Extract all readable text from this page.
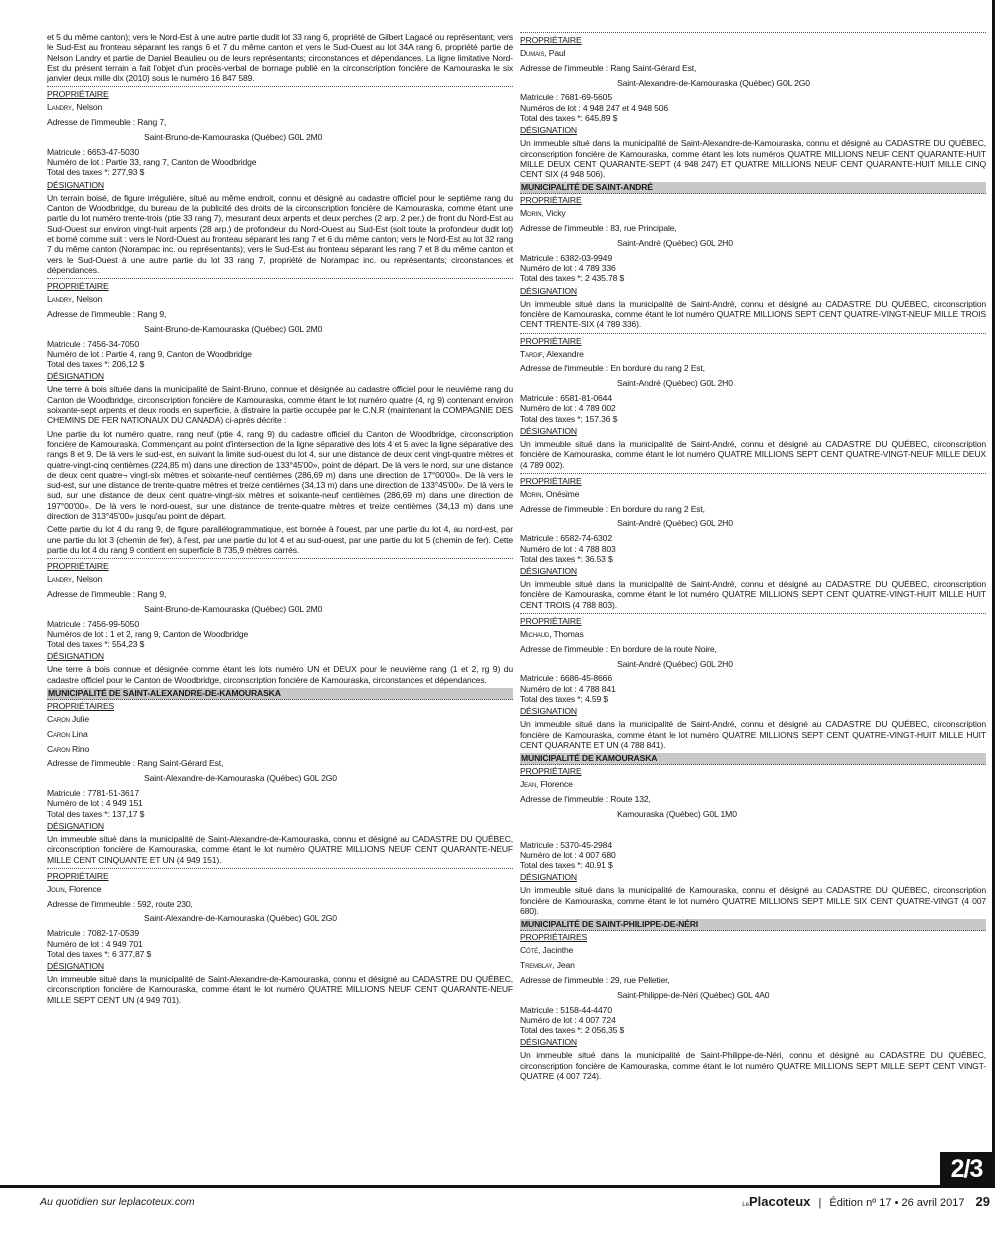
et 5 du même canton); vers le Nord-Est à une autre partie dudit lot 33 rang 6, propriété de Gilbert Lagacé ou représentant; vers le Sud-Est au fronteau séparant les rangs 6 et 7 du même canton et vers le Sud-Ouest au lot 34A rang 6, propriété partie de Nelson Landry et partie de Daniel Beaulieu ou de leurs représentants; circonstances et dépendances. La ligne limitative Nord-Est du présent terrain a fait l'objet d'un procès-verbal de bornage publié en la circonscription foncière de Kamouraska le six janvier deux mille dix (2010) sous le numéro 16 847 589.
PROPRIÉTAIRE
Landry, Nelson
Adresse de l'immeuble : Rang 7,
Saint-Bruno-de-Kamouraska (Québec) G0L 2M0
Matricule : 6653-47-5030
Numéro de lot : Partie 33, rang 7, Canton de Woodbridge
Total des taxes *: 277,93 $
DÉSIGNATION
Un terrain boisé, de figure irrégulière, situé au même endroit, connu et désigné au cadastre officiel pour le septième rang du Canton de Woodbridge, du bureau de la publicité des droits de la circonscription foncière de Kamouraska, comme étant une partie du lot numéro trente-trois (ptie 33 rang 7), mesurant deux arpents et deux perches (2 arp. 2 per.) de front du Nord-Est au Sud-Ouest sur environ vingt-huit arpents (28 arp.) de profondeur du Nord-Ouest au Sud-Est (soit toute la profondeur dudit lot) et borné comme suit : vers le Nord-Ouest au fronteau séparant les rang 7 et 6 du même canton; vers le Nord-Est au lot 32 rang 7 du même canton (Norampac inc. ou représentants); vers le Sud-Est au fronteau séparant les rang 7 et 8 du même canton et vers le Sud-Ouest à une autre partie du lot 33 rang 7, propriété de Norampac inc. ou représentants; circonstances et dépendances.
PROPRIÉTAIRE
Landry, Nelson
Adresse de l'immeuble : Rang 9,
Saint-Bruno-de-Kamouraska (Québec) G0L 2M0
Matricule : 7456-34-7050
Numéro de lot : Partie 4, rang 9, Canton de Woodbridge
Total des taxes *: 206,12 $
DÉSIGNATION
Une terre à bois située dans la municipalité de Saint-Bruno, connue et désignée au cadastre officiel pour le neuvième rang du Canton de Woodbridge, circonscription foncière de Kamouraska, comme étant le lot numéro quatre (4, rg 9) contenant environ soixante-sept arpents et deux roods en superficie, à distraire la partie occupée par le C.N.R (maintenant la COMPAGNIE DES CHEMINS DE FER NATIONAUX DU CANADA) ci-après décrite :
Une partie du lot numéro quatre, rang neuf (ptie 4, rang 9) du cadastre officiel du Canton de Woodbridge, circonscription foncière de Kamouraska. Commençant au point d'intersection de la ligne séparative des lots 4 et 5 avec la ligne séparative des rangs 8 et 9. De là vers le sud-est, en suivant la limite sud-ouest du lot 4, sur une distance de deux cent vingt-quatre mètres et quatre-vingt-cinq centièmes (224,85 m) dans une direction de 133°45'00», point de départ. De là vers le nord, sur une distance de deux cent quatre¬ vingt-six mètres et soixante-neuf centièmes (286,69 m) dans une direction de 17°00'00». De là vers le sud-est, sur une distance de trente-quatre mètres et treize centièmes (34,13 m) dans une direction de 133°45'00». De là vers le sud, sur une distance de deux cent quatre-vingt-six mètres et soixante-neuf centièmes (286,69 m) dans une direction de 197°00'00». De là vers le nord-ouest, sur une distance de trente-quatre mètres et treize centièmes (34,13 m) dans une direction de 313°45'00» jusqu'au point de départ.
Cette partie du lot 4 du rang 9, de figure parallélogrammatique, est bornée à l'ouest, par une partie du lot 4, au nord-est, par une partie du lot 3 (chemin de fer), à l'est, par une partie du lot 4 et au sud-ouest, par une partie du lot 5 (chemin de fer). Cette partie du lot 4 du rang 9 contient en superficie 8 735,9 mètres carrés.
PROPRIÉTAIRE
Landry, Nelson
Adresse de l'immeuble : Rang 9,
Saint-Bruno-de-Kamouraska (Québec) G0L 2M0
Matricule : 7456-99-5050
Numéros de lot : 1 et 2, rang 9, Canton de Woodbridge
Total des taxes *: 554,23 $
DÉSIGNATION
Une terre à bois connue et désignée comme étant les lots numéro UN et DEUX pour le neuvième rang (1 et 2, rg 9) du cadastre officiel pour le Canton de Woodbridge, circonscription foncière de Kamouraska, circonstances et dépendances.
MUNICIPALITÉ DE SAINT-ALEXANDRE-DE-KAMOURASKA
PROPRIÉTAIRES
Caron Julie
Caron Lina
Caron Rino
Adresse de l'immeuble : Rang Saint-Gérard Est,
Saint-Alexandre-de-Kamouraska (Québec) G0L 2G0
Matricule : 7781-51-3617
Numéro de lot : 4 949 151
Total des taxes *: 137,17 $
DÉSIGNATION
Un immeuble situé dans la municipalité de Saint-Alexandre-de-Kamouraska, connu et désigné au CADASTRE DU QUÉBEC, circonscription foncière de Kamouraska, comme étant le lot numéro QUATRE MILLIONS NEUF CENT QUARANTE-NEUF MILLE CENT CINQUANTE ET UN (4 949 151).
PROPRIÉTAIRE
Jolin, Florence
Adresse de l'immeuble : 592, route 230,
Saint-Alexandre-de-Kamouraska (Québec) G0L 2G0
Matricule : 7082-17-0539
Numéro de lot : 4 949 701
Total des taxes *: 6 377,87 $
DÉSIGNATION
Un immeuble situé dans la municipalité de Saint-Alexandre-de-Kamouraska, connu et désigné au CADASTRE DU QUÉBEC, circonscription foncière de Kamouraska, comme étant le lot numéro QUATRE MILLIONS NEUF CENT QUARANTE-NEUF MILLE SEPT CENT UN (4 949 701).
PROPRIÉTAIRE
Dumais, Paul
Adresse de l'immeuble : Rang Saint-Gérard Est,
Saint-Alexandre-de-Kamouraska (Québec) G0L 2G0
Matricule : 7681-69-5605
Numéros de lot : 4 948 247 et 4 948 506
Total des taxes *: 645,89 $
DÉSIGNATION
Un immeuble situé dans la municipalité de Saint-Alexandre-de-Kamouraska, connu et désigné au CADASTRE DU QUÉBEC, circonscription foncière de Kamouraska, comme étant les lots numéros QUATRE MILLIONS NEUF CENT QUARANTE-HUIT MILLE DEUX CENT QUARANTE-SEPT (4 948 247) ET QUATRE MILLIONS NEUF CENT QUARANTE-HUIT MILLE CINQ CENT SIX (4 948 506).
MUNICIPALITÉ DE SAINT-ANDRÉ
PROPRIÉTAIRE
Morin, Vicky
Adresse de l'immeuble : 83, rue Principale,
Saint-André (Québec) G0L 2H0
Matricule : 6382-03-9949
Numéro de lot : 4 789 336
Total des taxes *: 2 435.78 $
DÉSIGNATION
Un immeuble situé dans la municipalité de Saint-André, connu et désigné au CADASTRE DU QUÉBEC, circonscription foncière de Kamouraska, comme étant le lot numéro QUATRE MILLIONS SEPT CENT QUATRE-VINGT-NEUF MILLE TROIS CENT TRENTE-SIX (4 789 336).
PROPRIÉTAIRE
Tardif, Alexandre
Adresse de l'immeuble : En bordure du rang 2 Est,
Saint-André (Québec) G0L 2H0
Matricule : 6581-81-0644
Numéro de lot : 4 789 002
Total des taxes *: 157.36 $
DÉSIGNATION
Un immeuble situé dans la municipalité de Saint-André, connu et désigné au CADASTRE DU QUÉBEC, circonscription foncière de Kamouraska, comme étant le lot numéro QUATRE MILLIONS SEPT CENT QUATRE-VINGT-NEUF MILLE DEUX (4 789 002).
PROPRIÉTAIRE
Morin, Onésime
Adresse de l'immeuble : En bordure du rang 2 Est,
Saint-André (Québec) G0L 2H0
Matricule : 6582-74-6302
Numéro de lot : 4 788 803
Total des taxes *: 36.53 $
DÉSIGNATION
Un immeuble situé dans la municipalité de Saint-André, connu et désigné au CADASTRE DU QUÉBEC, circonscription foncière de Kamouraska, comme étant le lot numéro QUATRE MILLIONS SEPT CENT QUATRE-VINGT-HUIT MILLE HUIT CENT TROIS (4 788 803).
PROPRIÉTAIRE
Michaud, Thomas
Adresse de l'immeuble : En bordure de la route Noire,
Saint-André (Québec) G0L 2H0
Matricule : 6686-45-8666
Numéro de lot : 4 788 841
Total des taxes *: 4.59 $
DÉSIGNATION
Un immeuble situé dans la municipalité de Saint-André, connu et désigné au CADASTRE DU QUÉBEC, circonscription foncière de Kamouraska, comme étant le lot numéro QUATRE MILLIONS SEPT CENT QUATRE-VINGT-HUIT MILLE HUIT CENT QUARANTE ET UN (4 788 841).
MUNICIPALITÉ DE KAMOURASKA
PROPRIÉTAIRE
Jean, Florence
Adresse de l'immeuble : Route 132,
Kamouraska (Québec) G0L 1M0
Matricule : 5370-45-2984
Numéro de lot : 4 007 680
Total des taxes *: 40.91 $
DÉSIGNATION
Un immeuble situé dans la municipalité de Kamouraska, connu et désigné au CADASTRE DU QUÉBEC, circonscription foncière de Kamouraska, comme étant le lot numéro QUATRE MILLIONS SEPT MILLE SIX CENT QUATRE-VINGT (4 007 680).
MUNICIPALITÉ DE SAINT-PHILIPPE-DE-NÉRI
PROPRIÉTAIRES
Côté, Jacinthe
Tremblay, Jean
Adresse de l'immeuble : 29, rue Pelletier,
Saint-Philippe-de-Néri (Québec) G0L 4A0
Matricule : 5158-44-4470
Numéro de lot : 4 007 724
Total des taxes *: 2 056,35 $
DÉSIGNATION
Un immeuble situé dans la municipalité de Saint-Philippe-de-Néri, connu et désigné au CADASTRE DU QUÉBEC, circonscription foncière de Kamouraska, comme étant le lot numéro QUATRE MILLIONS SEPT MILLE SEPT CENT VINGT-QUATRE (4 007 724).
2/3
Au quotidien sur leplacoteux.com	LePlacoteux | Édition nº 17 • 26 avril 2017 29
